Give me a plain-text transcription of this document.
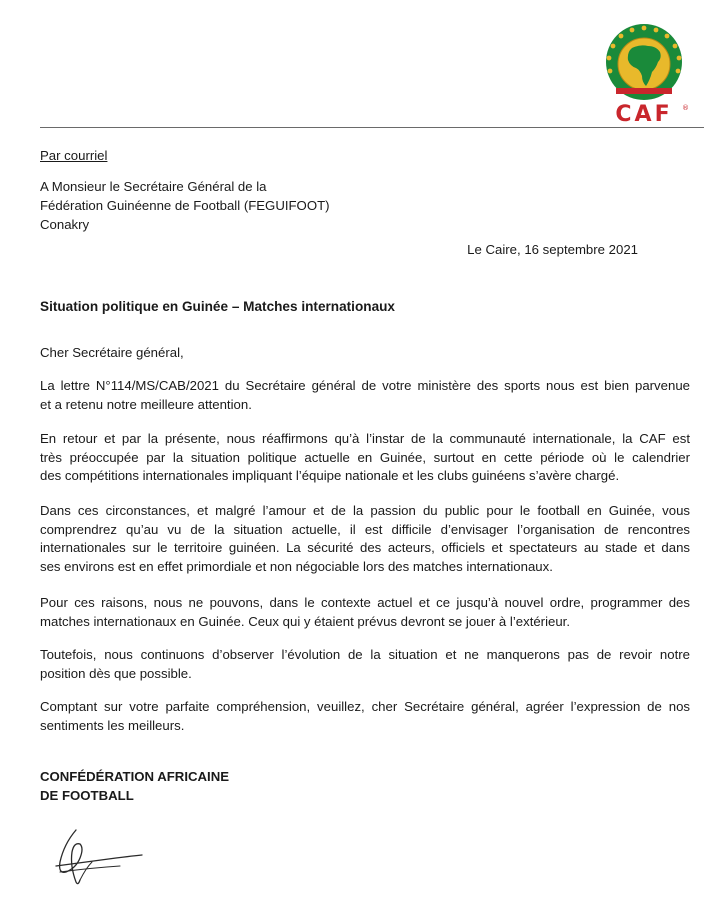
CAF	®
Par courriel
A Monsieur le Secrétaire Général de la
Fédération Guinéenne de Football (FEGUIFOOT)
Conakry
Le Caire, 16 septembre 2021
Situation politique en Guinée – Matches internationaux
Cher Secrétaire général,
La lettre N°114/MS/CAB/2021 du Secrétaire général de votre ministère des sports nous est bien parvenue
et a retenu notre meilleure attention.
En retour et par la présente, nous réaffirmons qu’à l’instar de la communauté internationale, la CAF est
très préoccupée par la situation politique actuelle en Guinée, surtout en cette période où le calendrier
des compétitions internationales impliquant l’équipe nationale et les clubs guinéens s’avère chargé.
Dans ces circonstances, et malgré l’amour et de la passion du public pour le football en Guinée, vous
comprendrez qu’au vu de la situation actuelle, il est difficile d’envisager l’organisation de rencontres
internationales sur le territoire guinéen. La sécurité des acteurs, officiels et spectateurs au stade et dans
ses environs est en effet primordiale et non négociable lors des matches internationaux.
Pour ces raisons, nous ne pouvons, dans le contexte actuel et ce jusqu’à nouvel ordre, programmer des
matches internationaux en Guinée. Ceux qui y étaient prévus devront se jouer à l’extérieur.
Toutefois, nous continuons d’observer l’évolution de la situation et ne manquerons pas de revoir notre
position dès que possible.
Comptant sur votre parfaite compréhension, veuillez, cher Secrétaire général, agréer l’expression de nos
sentiments les meilleurs.
CONFÉDÉRATION AFRICAINE
DE FOOTBALL
